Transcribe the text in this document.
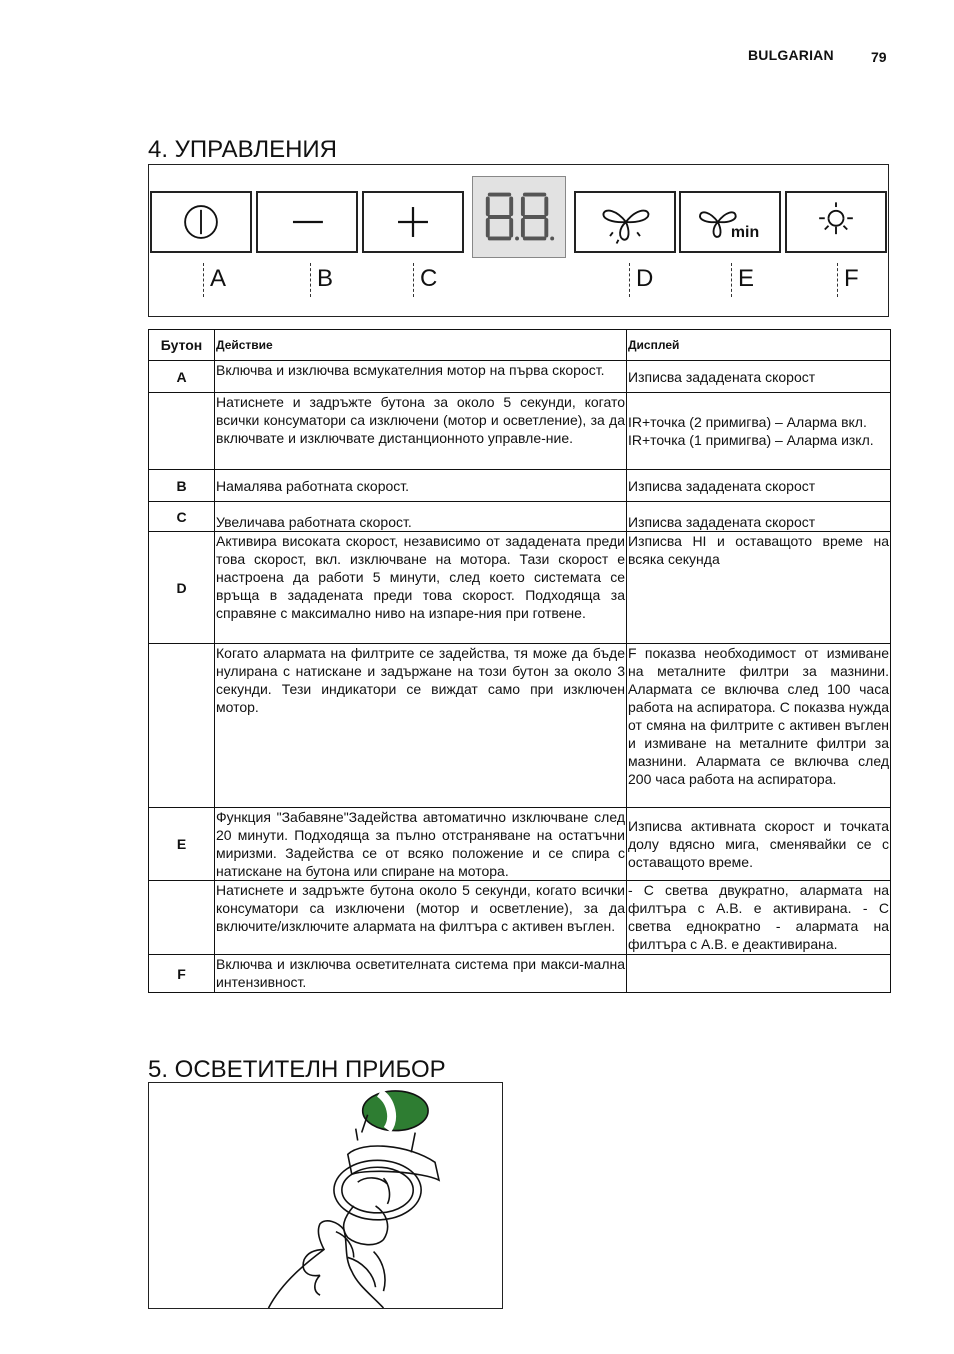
BULGARIAN	79
4. УПРАВЛЕНИЯ
min
A	B	C	D	E	F
Бутон	Действие	Дисплей
A	Включва и изключва всмукателния мотор на първа скорост.	Изписва зададената скорост
	Натиснете и задръжте бутона за около 5 секунди, когато всички консуматори са изключени (мотор и осветление), за да включвате и изключвате дистанционното управле-ние.	IR+точка (2 примигва) – Аларма вкл. IR+точка (1 примигва) – Аларма изкл.
B	Намалява работната скорост.	Изписва зададената скорост
C	Увеличава работната скорост.	Изписва зададената скорост
D	Активира високата скорост, независимо от зададената преди това скорост, вкл. изключване на мотора. Тази скорост е настроена да работи 5 минути, след което системата се връща в зададената преди това скорост. Подходяща за справяне с максимално ниво на изпаре-ния при готвене.	Изписва HI и оставащото време на всяка секунда
	Когато алармата на филтрите се задейства, тя може да бъде нулирана с натискане и задържане на този бутон за около 3 секунди. Тези индикатори се виждат само при изключен мотор.	F показва необходимост от измиване на металните филтри за мазнини. Алармата се включва след 100 часа работа на аспиратора. C показва нужда от смяна на филтрите с активен въглен и измиване на металните филтри за мазнини. Алармата се включва след 200 часа работа на аспиратора.
E	Функция "Забавяне"Задейства автоматично изключване след 20 минути. Подходяща за пълно отстраняване на остатъчни миризми. Задейства се от всяко положение и се спира с натискане на бутона или спиране на мотора.	Изписва активната скорост и точката долу вдясно мига, сменявайки се с оставащото време.
	Натиснете и задръжте бутона около 5 секунди, когато всички консуматори са изключени (мотор и осветление), за да включите/изключите алармата на филтъра с активен въглен.	- С светва двукратно, алармата на филтъра с А.В. е активирана. - С светва еднократно - алармата на филтъра с А.В. е деактивирана.
F	Включва и изключва осветителната система при макси-мална интензивност.	
5. ОСВЕТИТЕЛН ПРИБОР
